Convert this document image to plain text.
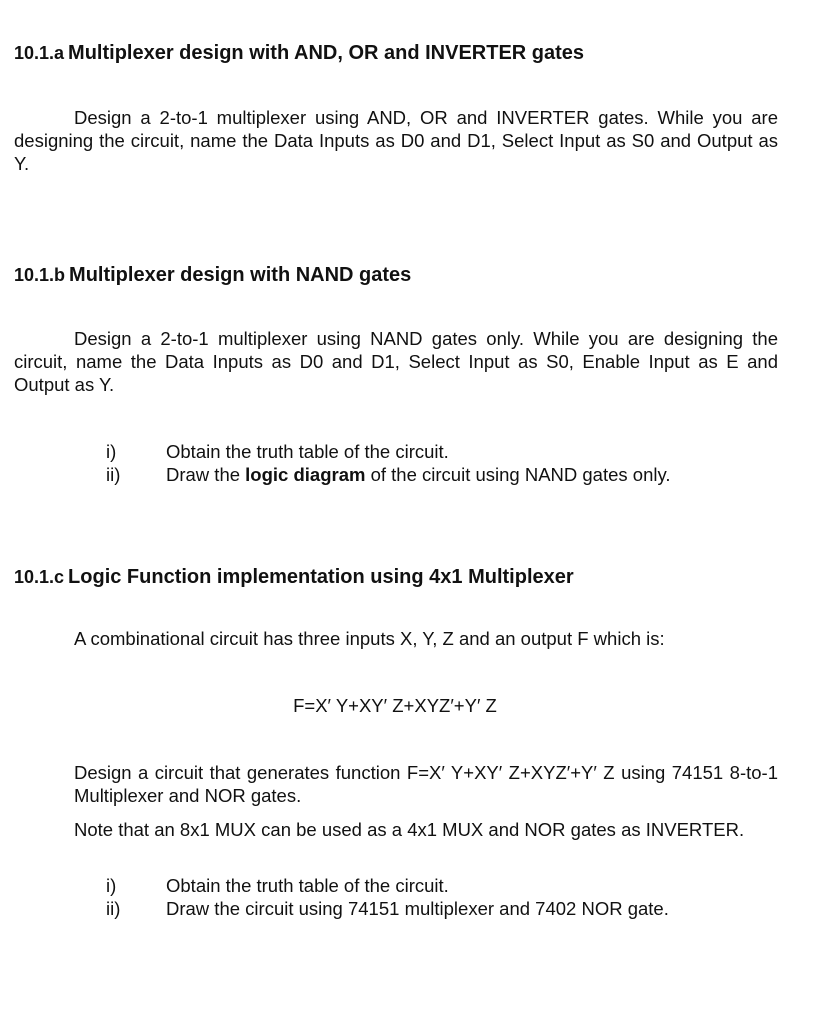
10.1.a Multiplexer design with AND, OR and INVERTER gates
Design a 2-to-1 multiplexer using AND, OR and INVERTER gates. While you are designing the circuit, name the Data Inputs as D0 and D1, Select Input as S0 and Output as Y.
10.1.b Multiplexer design with NAND gates
Design a 2-to-1 multiplexer using NAND gates only. While you are designing the circuit, name the Data Inputs as D0 and D1, Select Input as S0, Enable Input as E and Output as Y.
i)	Obtain the truth table of the circuit.
ii)	Draw the logic diagram of the circuit using NAND gates only.
10.1.c Logic Function implementation using 4x1 Multiplexer
A combinational circuit has three inputs X, Y, Z and an output F which is:
F=X′ Y+XY′ Z+XYZ′+Y′ Z
Design a circuit that generates function F=X′ Y+XY′ Z+XYZ′+Y′ Z using 74151 8-to-1 Multiplexer and NOR gates.
Note that an 8x1 MUX can be used as a 4x1 MUX and NOR gates as INVERTER.
i)	Obtain the truth table of the circuit.
ii)	Draw the circuit using 74151 multiplexer and 7402 NOR gate.
